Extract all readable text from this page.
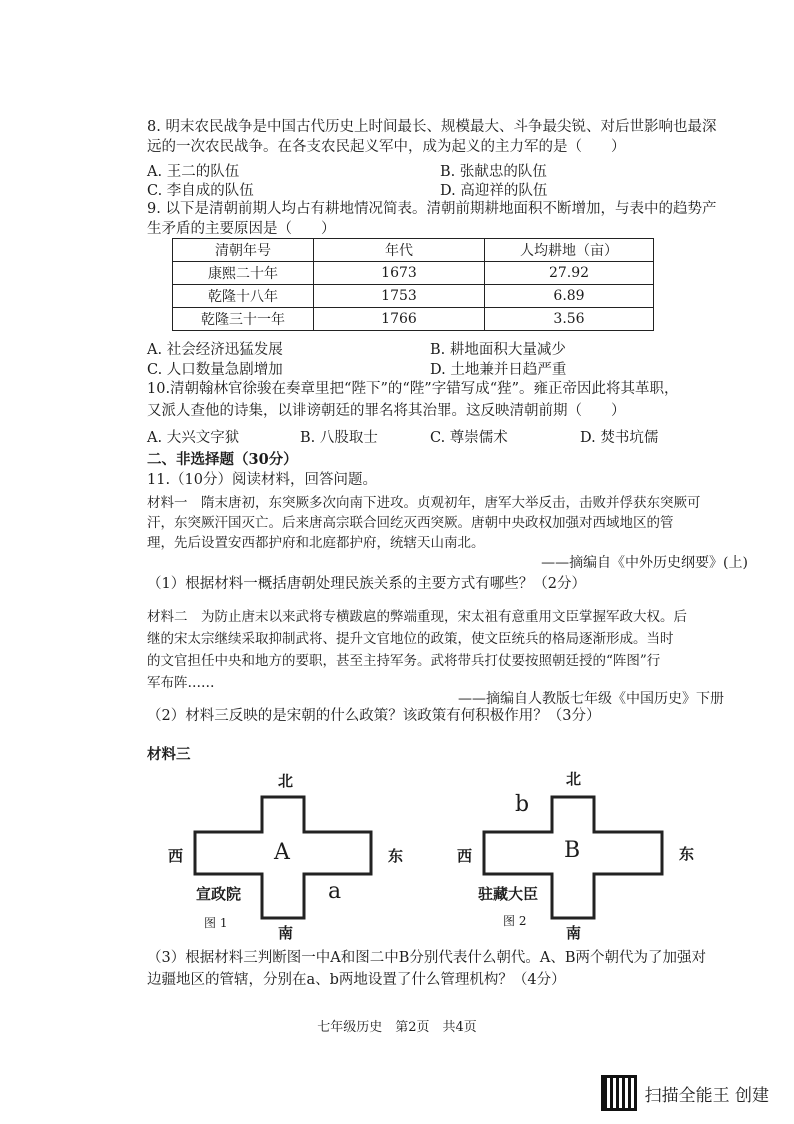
8. 明末农民战争是中国古代历史上时间最长、规模最大、斗争最尖锐、对后世影响也最深
远的一次农民战争。在各支农民起义军中，成为起义的主力军的是（　　）
A. 王二的队伍	B. 张献忠的队伍
C. 李自成的队伍	D. 高迎祥的队伍
9. 以下是清朝前期人均占有耕地情况简表。清朝前期耕地面积不断增加，与表中的趋势产
生矛盾的主要原因是（　　）
清朝年号	年代	人均耕地（亩）
康熙二十年	1673	27.92
乾隆十八年	1753	6.89
乾隆三十一年	1766	3.56
A. 社会经济迅猛发展	B. 耕地面积大量减少
C. 人口数量急剧增加	D. 土地兼并日趋严重
10.清朝翰林官徐骏在奏章里把“陛下”的“陛”字错写成“狴”。雍正帝因此将其革职，
又派人查他的诗集，以诽谤朝廷的罪名将其治罪。这反映清朝前期（　　）
A. 大兴文字狱	B. 八股取士	C. 尊崇儒术	D. 焚书坑儒
二、非选择题（30分）
11.（10分）阅读材料，回答问题。
材料一　隋末唐初，东突厥多次向南下进攻。贞观初年，唐军大举反击，击败并俘获东突厥可
汗，东突厥汗国灭亡。后来唐高宗联合回纥灭西突厥。唐朝中央政权加强对西域地区的管
理，先后设置安西都护府和北庭都护府，统辖天山南北。
——摘编自《中外历史纲要》(上)
（1）根据材料一概括唐朝处理民族关系的主要方式有哪些？（2分）
材料二　为防止唐末以来武将专横跋扈的弊端重现，宋太祖有意重用文臣掌握军政大权。后
继的宋太宗继续采取抑制武将、提升文官地位的政策，使文臣统兵的格局逐渐形成。当时
的文官担任中央和地方的要职，甚至主持军务。武将带兵打仗要按照朝廷授的“阵图”行
军布阵……
——摘编自人教版七年级《中国历史》下册
（2）材料三反映的是宋朝的什么政策？该政策有何积极作用？（3分）
材料三
北
南
西	东
A
宣政院	a
图 1
北
南
西	东
B
驻藏大臣
b
图 2
（3）根据材料三判断图一中A和图二中B分别代表什么朝代。A、B两个朝代为了加强对
边疆地区的管辖，分别在a、b两地设置了什么管理机构？（4分）
七年级历史　第2页　共4页
扫描全能王 创建
